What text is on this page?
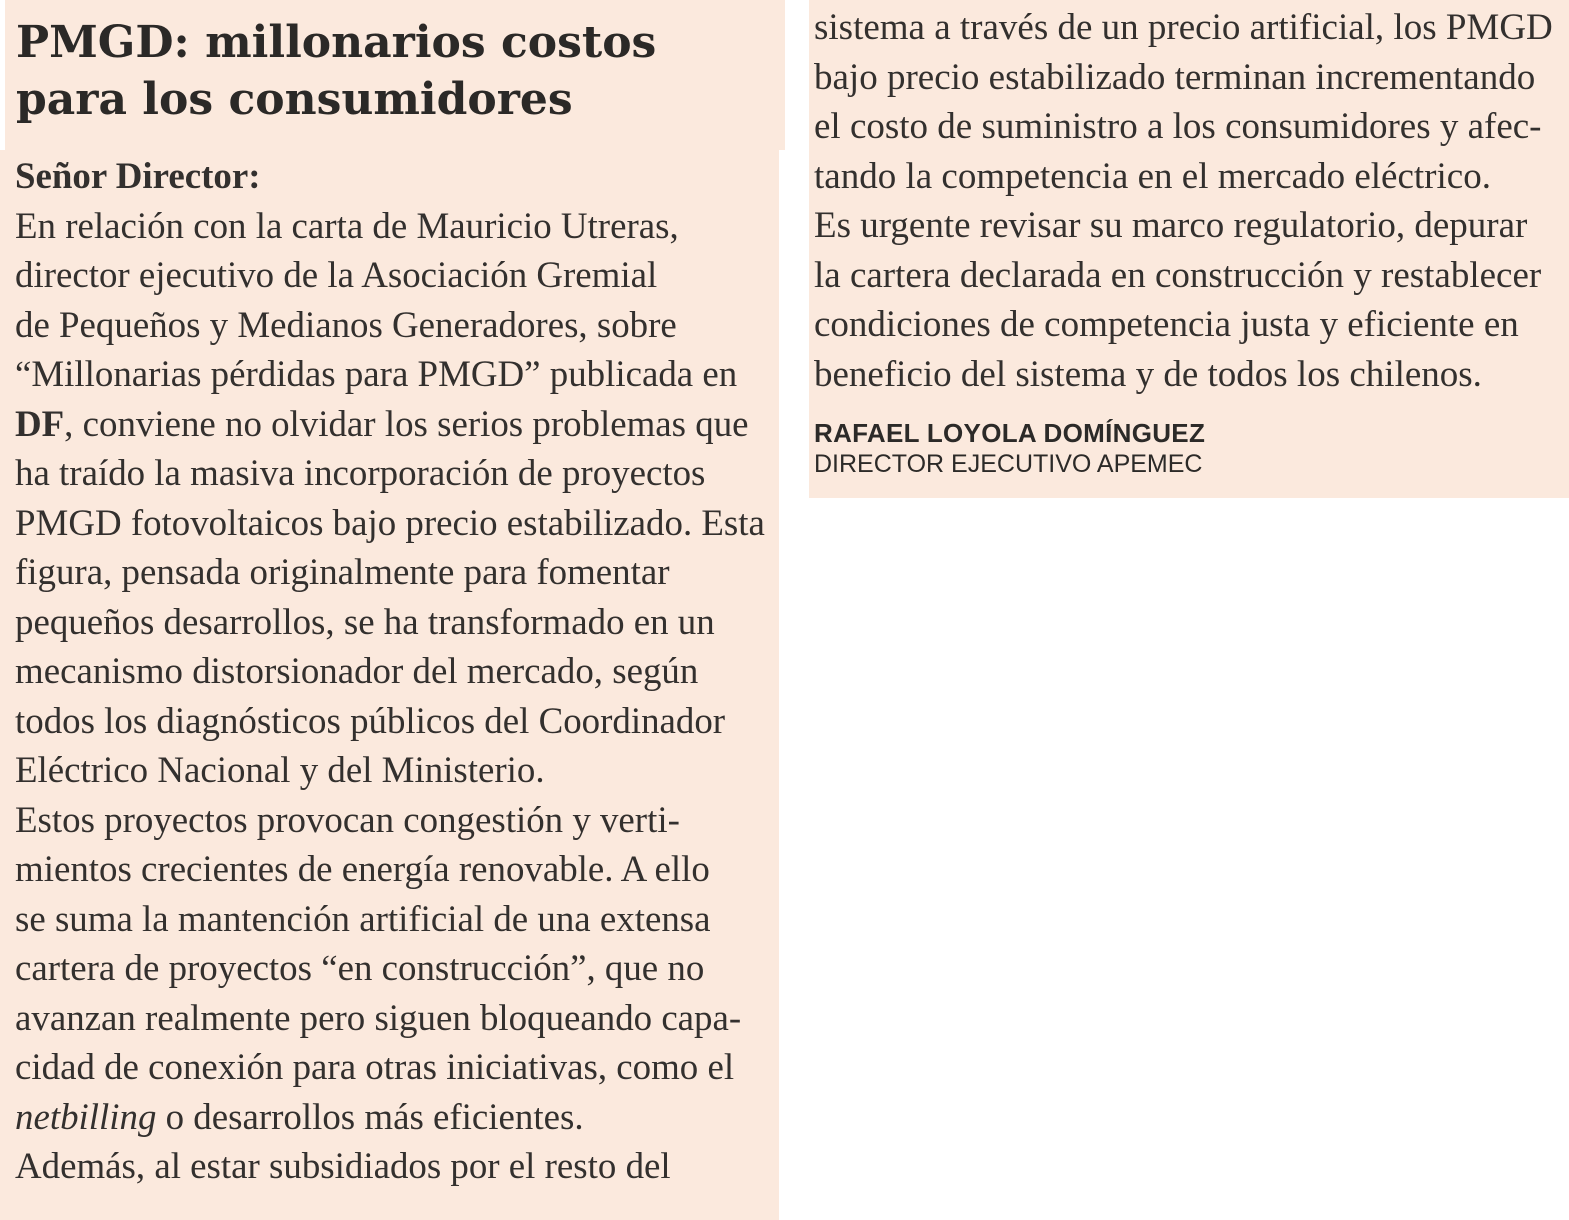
PMGD: millonarios costos
para los consumidores
Señor Director:
En relación con la carta de Mauricio Utreras,
director ejecutivo de la Asociación Gremial
de Pequeños y Medianos Generadores, sobre
“Millonarias pérdidas para PMGD” publicada en
DF, conviene no olvidar los serios problemas que
ha traído la masiva incorporación de proyectos
PMGD fotovoltaicos bajo precio estabilizado. Esta
figura, pensada originalmente para fomentar
pequeños desarrollos, se ha transformado en un
mecanismo distorsionador del mercado, según
todos los diagnósticos públicos del Coordinador
Eléctrico Nacional y del Ministerio.
Estos proyectos provocan congestión y verti-
mientos crecientes de energía renovable. A ello
se suma la mantención artificial de una extensa
cartera de proyectos “en construcción”, que no
avanzan realmente pero siguen bloqueando capa-
cidad de conexión para otras iniciativas, como el
netbilling o desarrollos más eficientes.
Además, al estar subsidiados por el resto del
sistema a través de un precio artificial, los PMGD
bajo precio estabilizado terminan incrementando
el costo de suministro a los consumidores y afec-
tando la competencia en el mercado eléctrico.
Es urgente revisar su marco regulatorio, depurar
la cartera declarada en construcción y restablecer
condiciones de competencia justa y eficiente en
beneficio del sistema y de todos los chilenos.
RAFAEL LOYOLA DOMÍNGUEZ
DIRECTOR EJECUTIVO APEMEC
